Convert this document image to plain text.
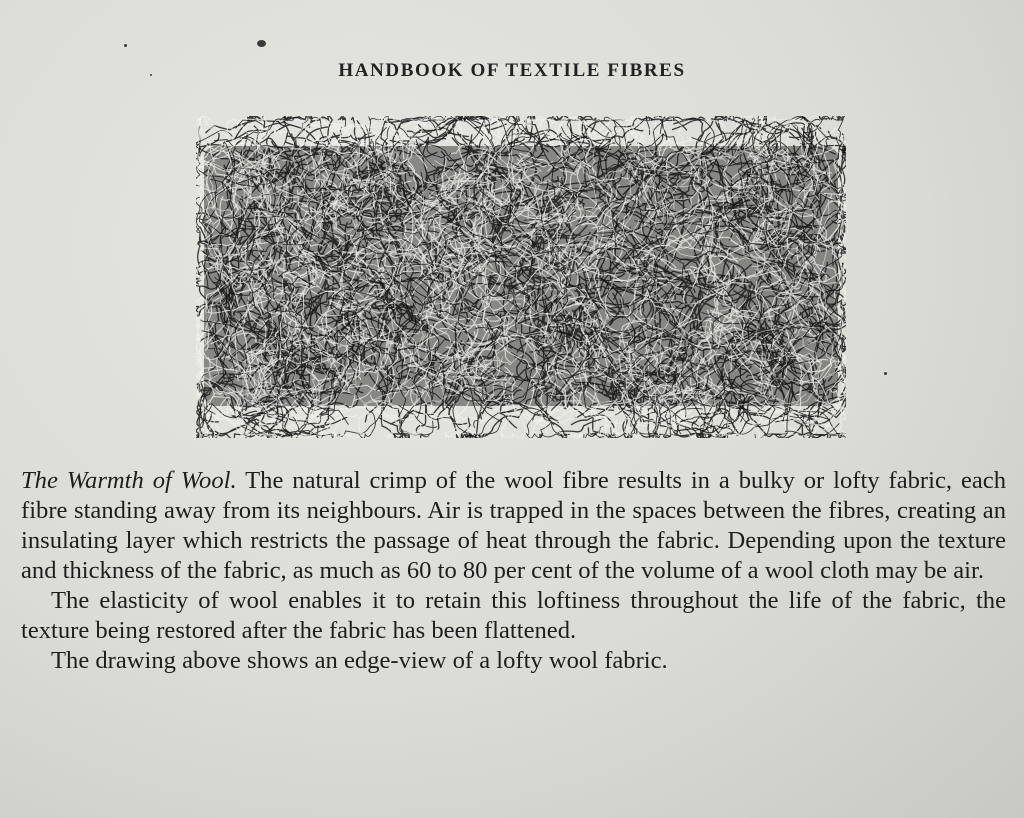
HANDBOOK OF TEXTILE FIBRES

The Warmth of Wool. The natural crimp of the wool fibre results in a bulky or lofty fabric, each fibre standing away from its neighbours. Air is trapped in the spaces between the fibres, creating an insulating layer which restricts the passage of heat through the fabric. Depending upon the texture and thickness of the fabric, as much as 60 to 80 per cent of the volume of a wool cloth may be air.

The elasticity of wool enables it to retain this loftiness throughout the life of the fabric, the texture being restored after the fabric has been flattened.

The drawing above shows an edge-view of a lofty wool fabric.
